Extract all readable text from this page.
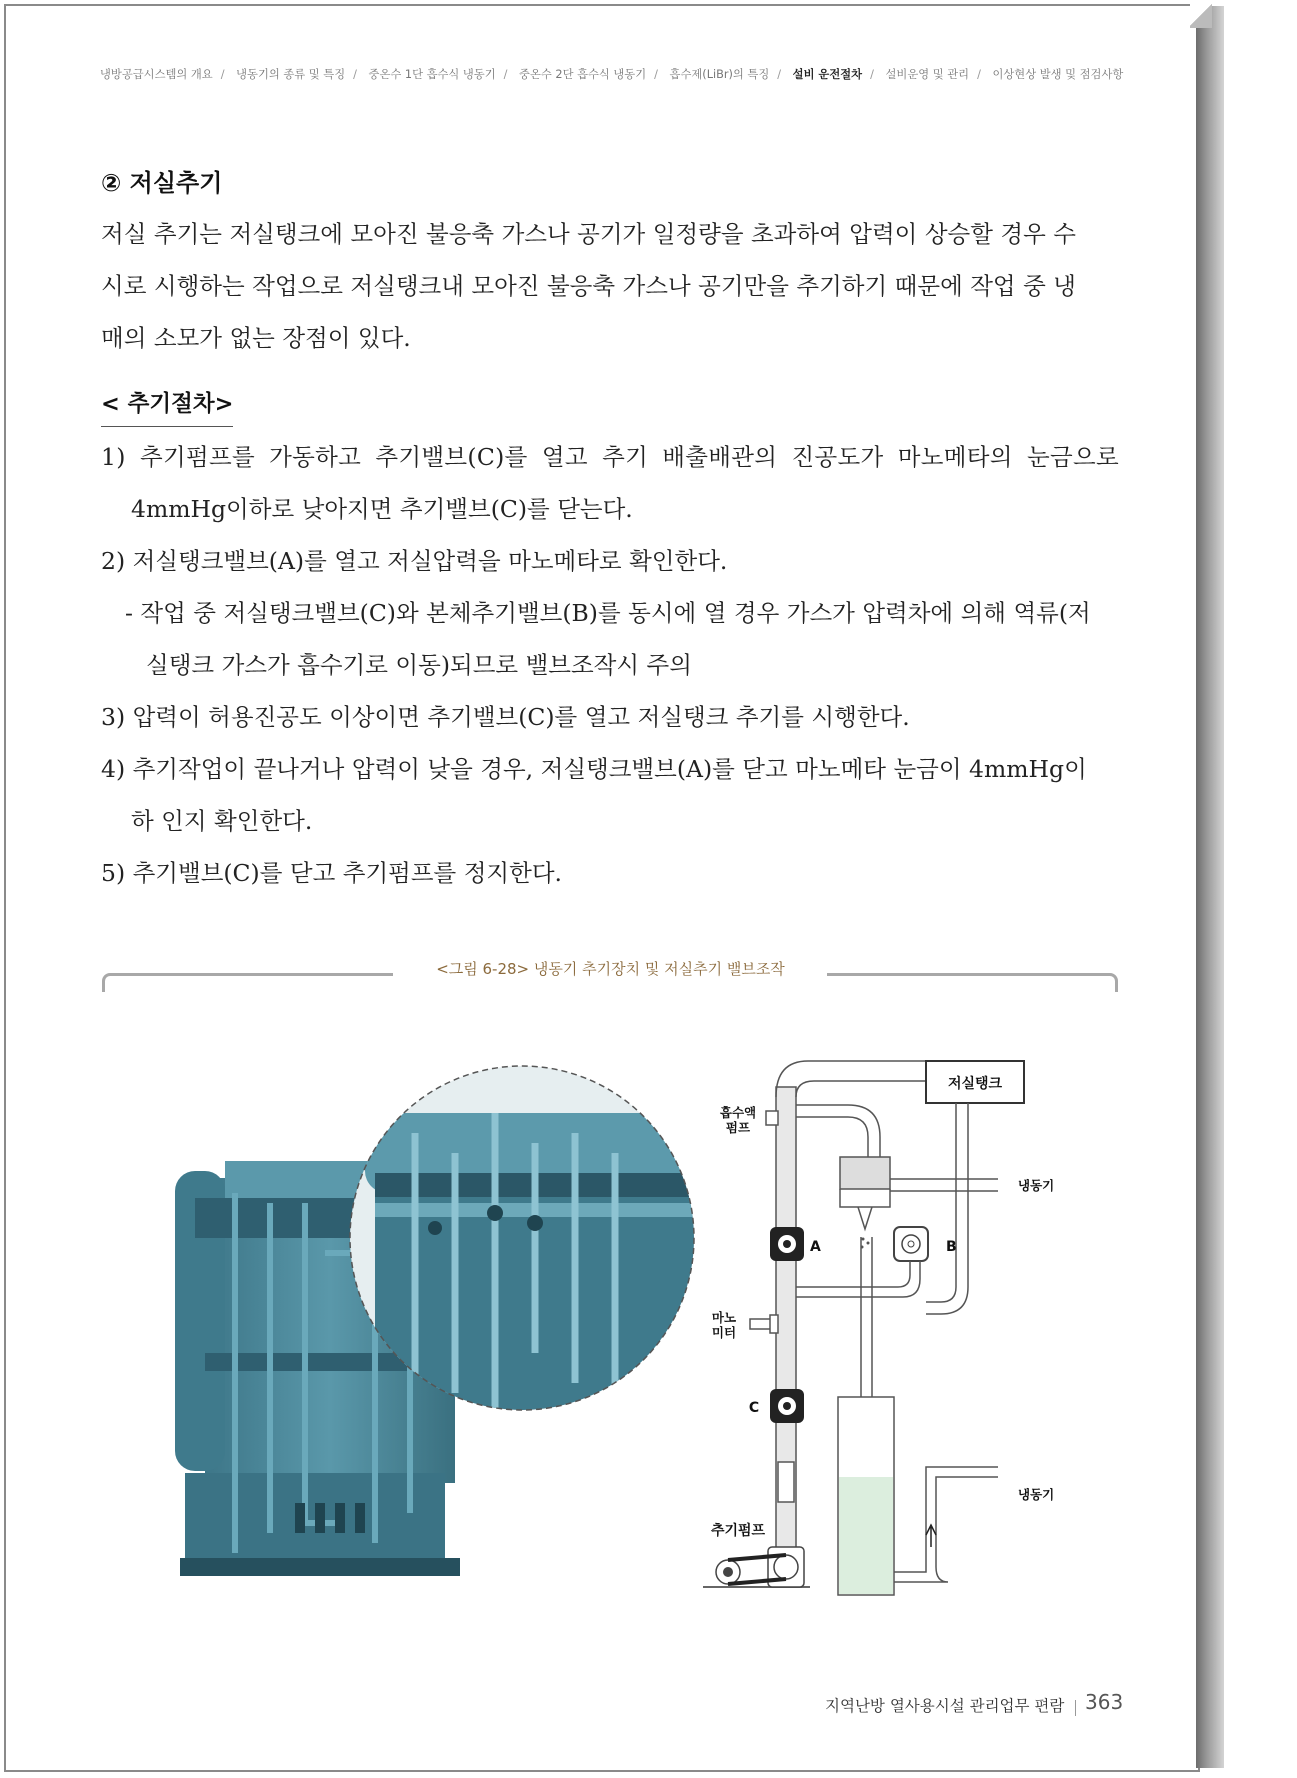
냉방공급시스템의 개요 / 냉동기의 종류 및 특징 / 중온수 1단 흡수식 냉동기 / 중온수 2단 흡수식 냉동기 / 흡수제(LiBr)의 특징 / 설비 운전절차 / 설비운영 및 관리 / 이상현상 발생 및 점검사항
② 저실추기
저실 추기는 저실탱크에 모아진 불응축 가스나 공기가 일정량을 초과하여 압력이 상승할 경우 수
시로 시행하는 작업으로 저실탱크내 모아진 불응축 가스나 공기만을 추기하기 때문에 작업 중 냉
매의 소모가 없는 장점이 있다.
< 추기절차>
1) 추기펌프를 가동하고 추기밸브(C)를 열고 추기 배출배관의 진공도가 마노메타의 눈금으로
4mmHg이하로 낮아지면 추기밸브(C)를 닫는다.
2) 저실탱크밸브(A)를 열고 저실압력을 마노메타로 확인한다.
- 작업 중 저실탱크밸브(C)와 본체추기밸브(B)를 동시에 열 경우 가스가 압력차에 의해 역류(저
실탱크 가스가 흡수기로 이동)되므로 밸브조작시 주의
3) 압력이 허용진공도 이상이면 추기밸브(C)를 열고 저실탱크 추기를 시행한다.
4) 추기작업이 끝나거나 압력이 낮을 경우, 저실탱크밸브(A)를 닫고 마노메타 눈금이 4mmHg이
하 인지 확인한다.
5) 추기밸브(C)를 닫고 추기펌프를 정지한다.
<그림 6-28> 냉동기 추기장치 및 저실추기 밸브조작
저실탱크
흡수액
펌프
냉동기
A	B
마노
미터
C
냉동기
추기펌프
지역난방 열사용시설 관리업무 편람 363
